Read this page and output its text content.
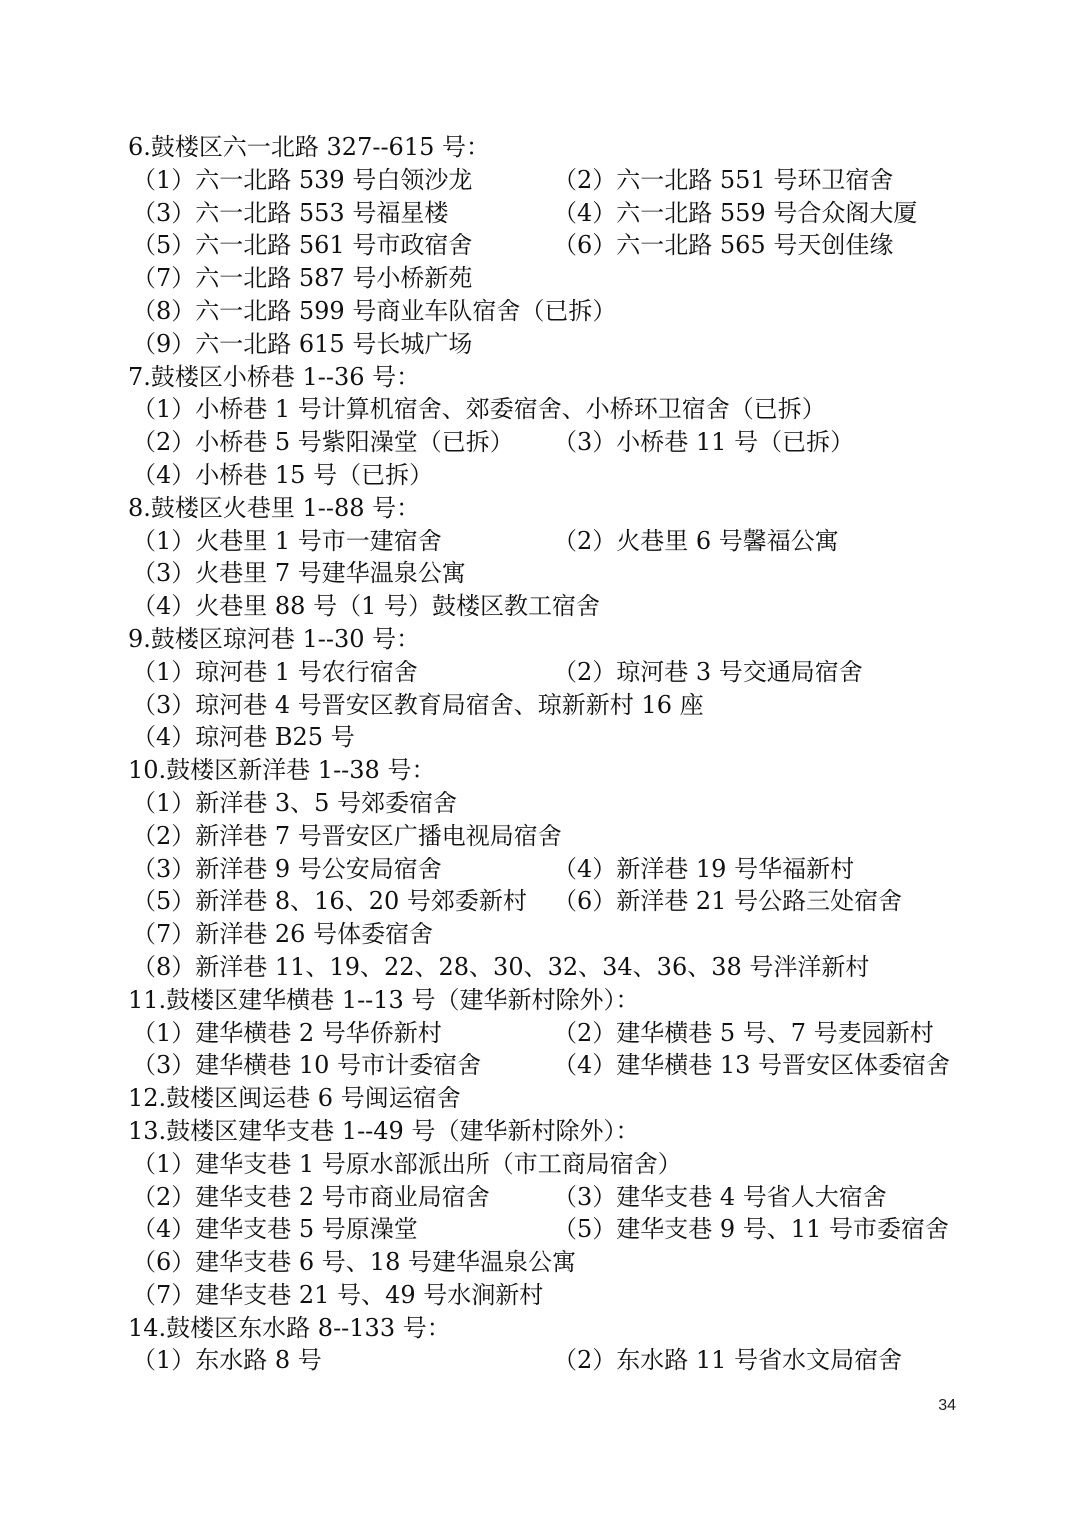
6.鼓楼区六一北路 327--615 号：
（1）六一北路 539 号白领沙龙	（2）六一北路 551 号环卫宿舍
（3）六一北路 553 号福星楼	（4）六一北路 559 号合众阁大厦
（5）六一北路 561 号市政宿舍	（6）六一北路 565 号天创佳缘
（7）六一北路 587 号小桥新苑
（8）六一北路 599 号商业车队宿舍（已拆）
（9）六一北路 615 号长城广场
7.鼓楼区小桥巷 1--36 号：
（1）小桥巷 1 号计算机宿舍、郊委宿舍、小桥环卫宿舍（已拆）
（2）小桥巷 5 号紫阳澡堂（已拆） （3）小桥巷 11 号（已拆）
（4）小桥巷 15 号（已拆）
8.鼓楼区火巷里 1--88 号：
（1）火巷里 1 号市一建宿舍	（2）火巷里 6 号馨福公寓
（3）火巷里 7 号建华温泉公寓
（4）火巷里 88 号（1 号）鼓楼区教工宿舍
9.鼓楼区琼河巷 1--30 号：
（1）琼河巷 1 号农行宿舍	（2）琼河巷 3 号交通局宿舍
（3）琼河巷 4 号晋安区教育局宿舍、琼新新村 16 座
（4）琼河巷 B25 号
10.鼓楼区新洋巷 1--38 号：
（1）新洋巷 3、5 号郊委宿舍
（2）新洋巷 7 号晋安区广播电视局宿舍
（3）新洋巷 9 号公安局宿舍	（4）新洋巷 19 号华福新村
（5）新洋巷 8、16、20 号郊委新村 （6）新洋巷 21 号公路三处宿舍
（7）新洋巷 26 号体委宿舍
（8）新洋巷 11、19、22、28、30、32、34、36、38 号泮洋新村
11.鼓楼区建华横巷 1--13 号（建华新村除外）：
（1）建华横巷 2 号华侨新村	（2）建华横巷 5 号、7 号麦园新村
（3）建华横巷 10 号市计委宿舍	（4）建华横巷 13 号晋安区体委宿舍
12.鼓楼区闽运巷 6 号闽运宿舍
13.鼓楼区建华支巷 1--49 号（建华新村除外）：
（1）建华支巷 1 号原水部派出所（市工商局宿舍）
（2）建华支巷 2 号市商业局宿舍	（3）建华支巷 4 号省人大宿舍
（4）建华支巷 5 号原澡堂	（5）建华支巷 9 号、11 号市委宿舍
（6）建华支巷 6 号、18 号建华温泉公寓
（7）建华支巷 21 号、49 号水涧新村
14.鼓楼区东水路 8--133 号：
（1）东水路 8 号	（2）东水路 11 号省水文局宿舍
34
